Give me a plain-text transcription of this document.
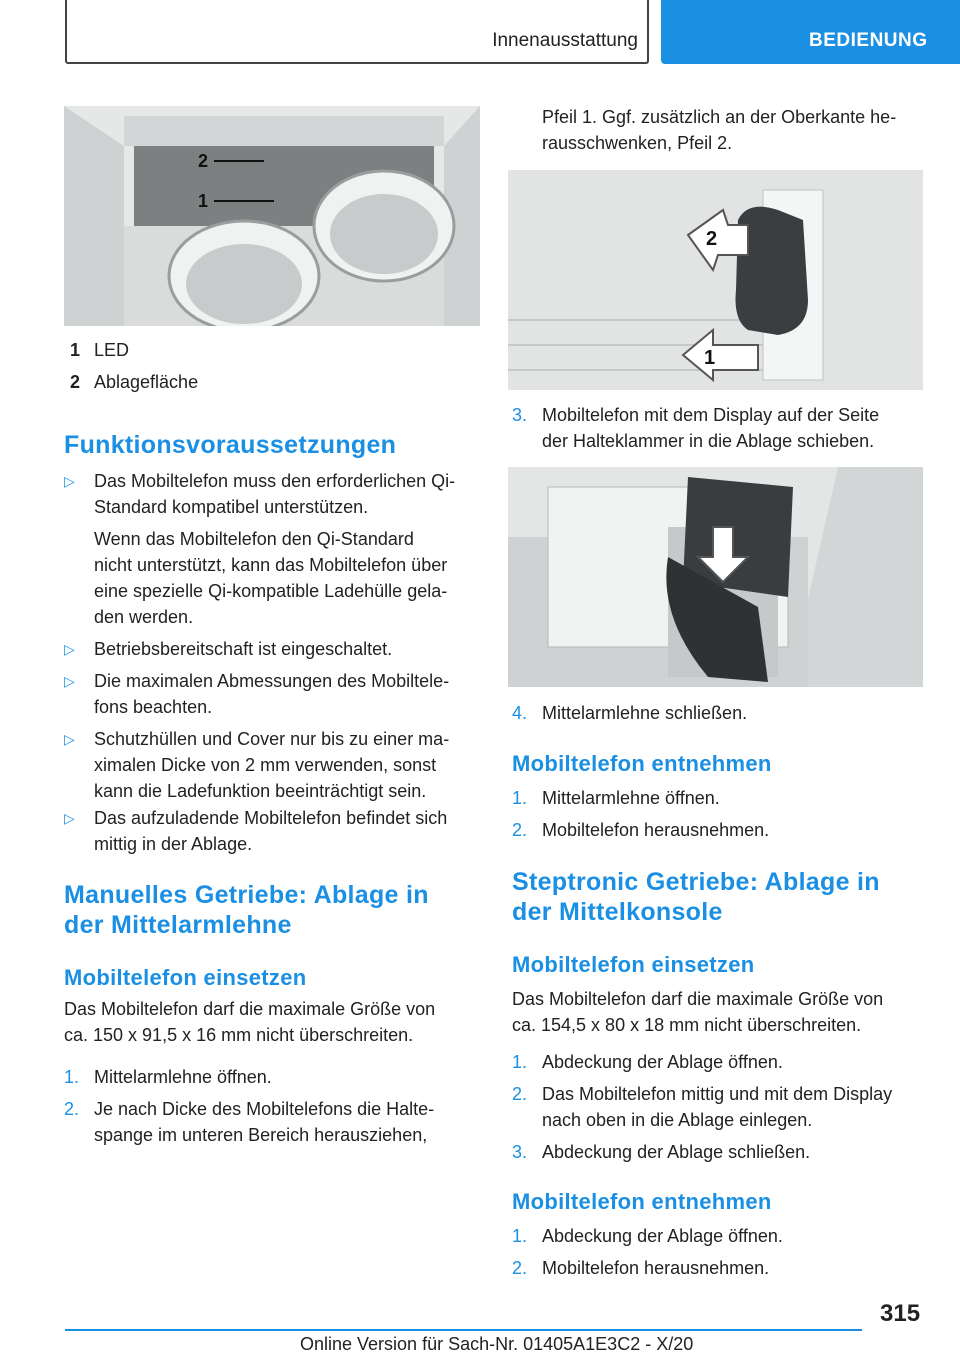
Innenausstattung	BEDIENUNG
2
1
1 LED
2 Ablagefläche
Funktionsvoraussetzungen
▷ Das Mobiltelefon muss den erforderlichen Qi-
Standard kompatibel unterstützen.
Wenn das Mobiltelefon den Qi-Standard
nicht unterstützt, kann das Mobiltelefon über
eine spezielle Qi-kompatible Ladehülle gela-
den werden.
▷ Betriebsbereitschaft ist eingeschaltet.
▷ Die maximalen Abmessungen des Mobiltele-
fons beachten.
▷ Schutzhüllen und Cover nur bis zu einer ma-
ximalen Dicke von 2 mm verwenden, sonst
kann die Ladefunktion beeinträchtigt sein.
▷ Das aufzuladende Mobiltelefon befindet sich
mittig in der Ablage.
Manuelles Getriebe: Ablage in
der Mittelarmlehne
Mobiltelefon einsetzen
Das Mobiltelefon darf die maximale Größe von
ca. 150 x 91,5 x 16 mm nicht überschreiten.
1. Mittelarmlehne öffnen.
2. Je nach Dicke des Mobiltelefons die Halte-
spange im unteren Bereich herausziehen,
Pfeil 1. Ggf. zusätzlich an der Oberkante he-
rausschwenken, Pfeil 2.
2
1
3. Mobiltelefon mit dem Display auf der Seite
der Halteklammer in die Ablage schieben.
4. Mittelarmlehne schließen.
Mobiltelefon entnehmen
1. Mittelarmlehne öffnen.
2. Mobiltelefon herausnehmen.
Steptronic Getriebe: Ablage in
der Mittelkonsole
Mobiltelefon einsetzen
Das Mobiltelefon darf die maximale Größe von
ca. 154,5 x 80 x 18 mm nicht überschreiten.
1. Abdeckung der Ablage öffnen.
2. Das Mobiltelefon mittig und mit dem Display
nach oben in die Ablage einlegen.
3. Abdeckung der Ablage schließen.
Mobiltelefon entnehmen
1. Abdeckung der Ablage öffnen.
2. Mobiltelefon herausnehmen.
315
Online Version für Sach-Nr. 01405A1E3C2 - X/20
